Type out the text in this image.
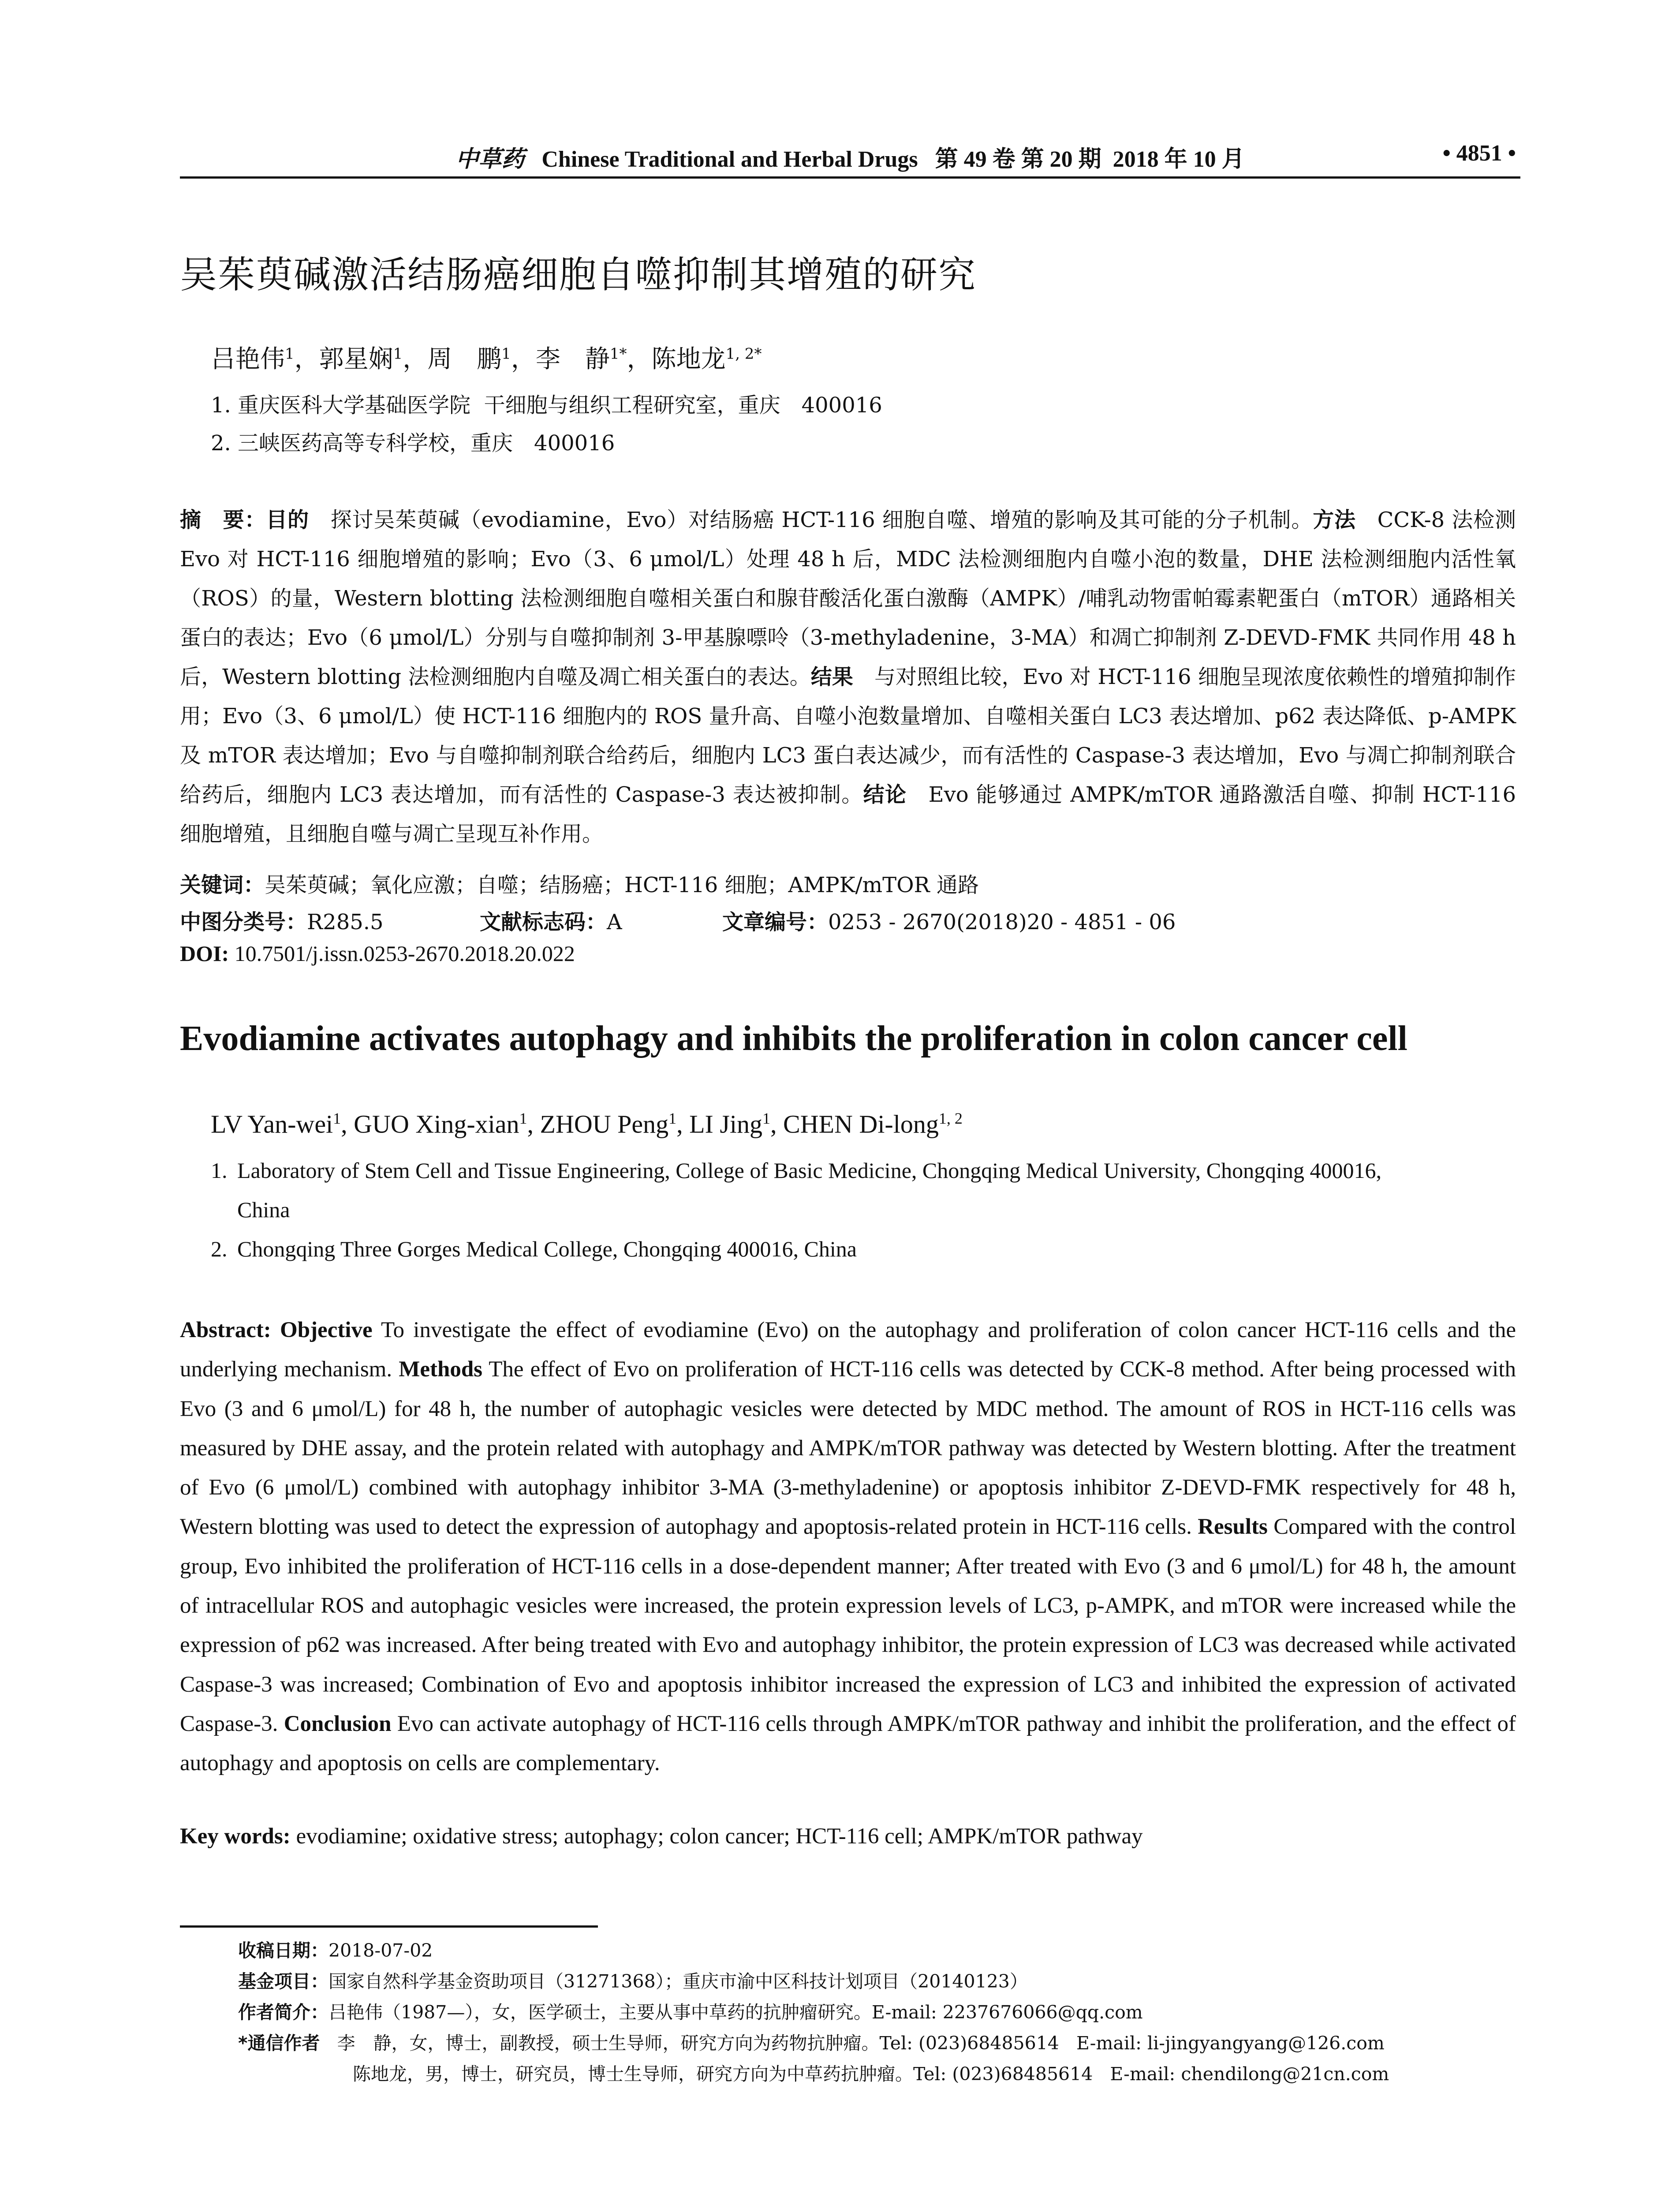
中草药 Chinese Traditional and Herbal Drugs   第 49 卷 第 20 期  2018 年 10 月	• 4851 •
吴茱萸碱激活结肠癌细胞自噬抑制其增殖的研究
吕艳伟$^1$，郭星娴$^1$，周　鹏$^1$，李　静$^{1*}$，陈地龙$^{1, 2*}$
1. 重庆医科大学基础医学院  干细胞与组织工程研究室，重庆　400016
2. 三峡医药高等专科学校，重庆　400016
摘　要：目的　探讨吴茱萸碱（evodiamine，Evo）对结肠癌 HCT-116 细胞自噬、增殖的影响及其可能的分子机制。方法　CCK-8 法检测 Evo 对 HCT-116 细胞增殖的影响；Evo（3、6 μmol/L）处理 48 h 后，MDC 法检测细胞内自噬小泡的数量，DHE 法检测细胞内活性氧（ROS）的量，Western blotting 法检测细胞自噬相关蛋白和腺苷酸活化蛋白激酶（AMPK）/哺乳动物雷帕霉素靶蛋白（mTOR）通路相关蛋白的表达；Evo（6 μmol/L）分别与自噬抑制剂 3-甲基腺嘌呤（3-methyladenine，3-MA）和凋亡抑制剂 Z-DEVD-FMK 共同作用 48 h 后，Western blotting 法检测细胞内自噬及凋亡相关蛋白的表达。结果　与对照组比较，Evo 对 HCT-116 细胞呈现浓度依赖性的增殖抑制作用；Evo（3、6 μmol/L）使 HCT-116 细胞内的 ROS 量升高、自噬小泡数量增加、自噬相关蛋白 LC3 表达增加、p62 表达降低、p-AMPK 及 mTOR 表达增加；Evo 与自噬抑制剂联合给药后，细胞内 LC3 蛋白表达减少，而有活性的 Caspase-3 表达增加，Evo 与凋亡抑制剂联合给药后，细胞内 LC3 表达增加，而有活性的 Caspase-3 表达被抑制。结论　Evo 能够通过 AMPK/mTOR 通路激活自噬、抑制 HCT-116 细胞增殖，且细胞自噬与凋亡呈现互补作用。
关键词：吴茱萸碱；氧化应激；自噬；结肠癌；HCT-116 细胞；AMPK/mTOR 通路
中图分类号：R285.5	文献标志码：A	文章编号：0253 - 2670(2018)20 - 4851 - 06
DOI: 10.7501/j.issn.0253-2670.2018.20.022
Evodiamine activates autophagy and inhibits the proliferation in colon cancer cell
LV Yan-wei$^1$, GUO Xing-xian$^1$, ZHOU Peng$^1$, LI Jing$^1$, CHEN Di-long$^{1, 2}$
1. Laboratory of Stem Cell and Tissue Engineering, College of Basic Medicine, Chongqing Medical University, Chongqing 400016,
China
2. Chongqing Three Gorges Medical College, Chongqing 400016, China
Abstract: Objective To investigate the effect of evodiamine (Evo) on the autophagy and proliferation of colon cancer HCT-116 cells and the underlying mechanism. Methods The effect of Evo on proliferation of HCT-116 cells was detected by CCK-8 method. After being processed with Evo (3 and 6 μmol/L) for 48 h, the number of autophagic vesicles were detected by MDC method. The amount of ROS in HCT-116 cells was measured by DHE assay, and the protein related with autophagy and AMPK/mTOR pathway was detected by Western blotting. After the treatment of Evo (6 μmol/L) combined with autophagy inhibitor 3-MA (3-methyladenine) or apoptosis inhibitor Z-DEVD-FMK respectively for 48 h, Western blotting was used to detect the expression of autophagy and apoptosis-related protein in HCT-116 cells. Results Compared with the control group, Evo inhibited the proliferation of HCT-116 cells in a dose-dependent manner; After treated with Evo (3 and 6 μmol/L) for 48 h, the amount of intracellular ROS and autophagic vesicles were increased, the protein expression levels of LC3, p-AMPK, and mTOR were increased while the expression of p62 was increased. After being treated with Evo and autophagy inhibitor, the protein expression of LC3 was decreased while activated Caspase-3 was increased; Combination of Evo and apoptosis inhibitor increased the expression of LC3 and inhibited the expression of activated Caspase-3. Conclusion Evo can activate autophagy of HCT-116 cells through AMPK/mTOR pathway and inhibit the proliferation, and the effect of autophagy and apoptosis on cells are complementary.
Key words: evodiamine; oxidative stress; autophagy; colon cancer; HCT-116 cell; AMPK/mTOR pathway
收稿日期：2018-07-02
基金项目：国家自然科学基金资助项目（31271368）；重庆市渝中区科技计划项目（20140123）
作者简介：吕艳伟（1987—），女，医学硕士，主要从事中草药的抗肿瘤研究。E-mail: 2237676066@qq.com
*通信作者 李　静，女，博士，副教授，硕士生导师，研究方向为药物抗肿瘤。Tel: (023)68485614   E-mail: li-jingyangyang@126.com
陈地龙，男，博士，研究员，博士生导师，研究方向为中草药抗肿瘤。Tel: (023)68485614   E-mail: chendilong@21cn.com
